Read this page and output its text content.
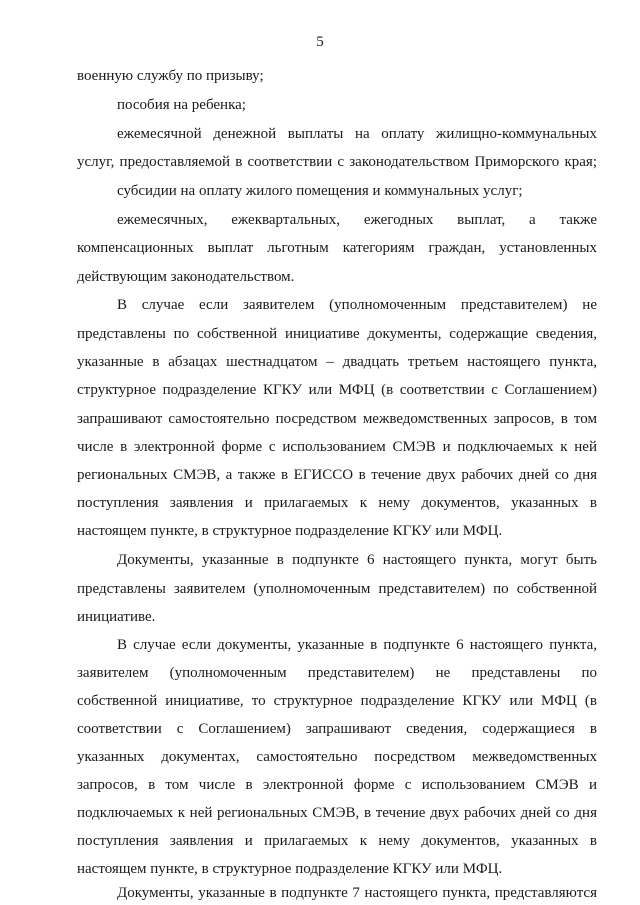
5
военную службу по призыву;
пособия на ребенка;
ежемесячной денежной выплаты на оплату жилищно-коммунальных
услуг, предоставляемой в соответствии с законодательством Приморского края;
субсидии на оплату жилого помещения и коммунальных услуг;
ежемесячных, ежеквартальных, ежегодных выплат, а также
компенсационных выплат льготным категориям граждан, установленных
действующим законодательством.
В случае если заявителем (уполномоченным представителем) не
представлены по собственной инициативе документы, содержащие сведения,
указанные в абзацах шестнадцатом – двадцать третьем настоящего пункта,
структурное подразделение КГКУ или МФЦ (в соответствии с Соглашением)
запрашивают самостоятельно посредством межведомственных запросов, в том
числе в электронной форме с использованием СМЭВ и подключаемых к ней
региональных СМЭВ, а также в ЕГИССО в течение двух рабочих дней со дня
поступления заявления и прилагаемых к нему документов, указанных в
настоящем пункте, в структурное подразделение КГКУ или МФЦ.
Документы, указанные в подпункте 6 настоящего пункта, могут быть
представлены заявителем (уполномоченным представителем) по собственной
инициативе.
В случае если документы, указанные в подпункте 6 настоящего пункта,
заявителем (уполномоченным представителем) не представлены по
собственной инициативе, то структурное подразделение КГКУ или МФЦ (в
соответствии с Соглашением) запрашивают сведения, содержащиеся в
указанных документах, самостоятельно посредством межведомственных
запросов, в том числе в электронной форме с использованием СМЭВ и
подключаемых к ней региональных СМЭВ, в течение двух рабочих дней со дня
поступления заявления и прилагаемых к нему документов, указанных в
настоящем пункте, в структурное подразделение КГКУ или МФЦ.
Документы, указанные в подпункте 7 настоящего пункта, представляются
